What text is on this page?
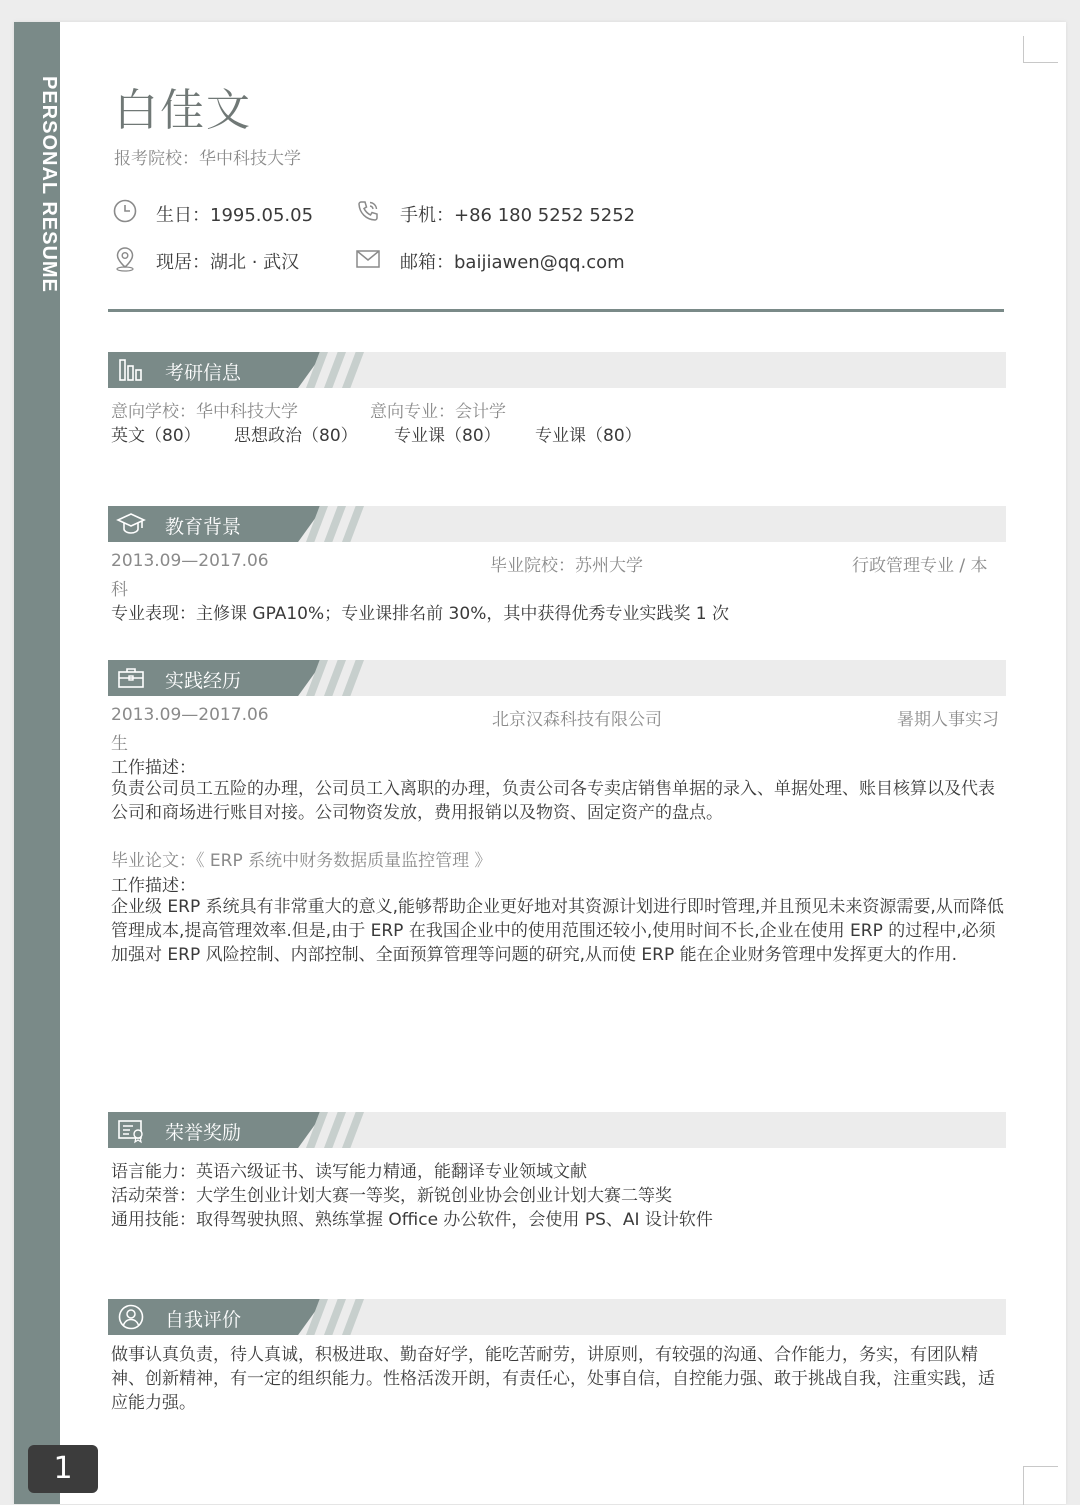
PERSONAL RESUME 白佳文
报考院校：华中科技大学
生日：1995.05.05	手机：+86 180 5252 5252
现居：湖北 · 武汉	邮箱：baijiawen@qq.com
考研信息
意向学校：华中科技大学	意向专业：会计学
英文（80） 思想政治（80） 专业课（80） 专业课（80）
教育背景
2013.09—2017.06	毕业院校：苏州大学	行政管理专业 / 本
科
专业表现：主修课 GPA10%；专业课排名前 30%，其中获得优秀专业实践奖 1 次
实践经历
2013.09—2017.06	北京汉森科技有限公司	暑期人事实习
生
工作描述：
负责公司员工五险的办理，公司员工入离职的办理，负责公司各专卖店销售单据的录入、单据处理、账目核算以及代表公司和商场进行账目对接。公司物资发放，费用报销以及物资、固定资产的盘点。
毕业论文：《 ERP 系统中财务数据质量监控管理 》
工作描述：
企业级 ERP 系统具有非常重大的意义,能够帮助企业更好地对其资源计划进行即时管理,并且预见未来资源需要,从而降低管理成本,提高管理效率.但是,由于 ERP 在我国企业中的使用范围还较小,使用时间不长,企业在使用 ERP 的过程中,必须加强对 ERP 风险控制、内部控制、全面预算管理等问题的研究,从而使 ERP 能在企业财务管理中发挥更大的作用.
荣誉奖励
语言能力：英语六级证书、读写能力精通，能翻译专业领域文献
活动荣誉：大学生创业计划大赛一等奖，新锐创业协会创业计划大赛二等奖
通用技能：取得驾驶执照、熟练掌握 Office 办公软件，会使用 PS、AI 设计软件
自我评价
做事认真负责，待人真诚，积极进取、勤奋好学，能吃苦耐劳，讲原则，有较强的沟通、合作能力，务实，有团队精神、创新精神，有一定的组织能力。性格活泼开朗，有责任心，处事自信，自控能力强、敢于挑战自我，注重实践，适应能力强。
1
